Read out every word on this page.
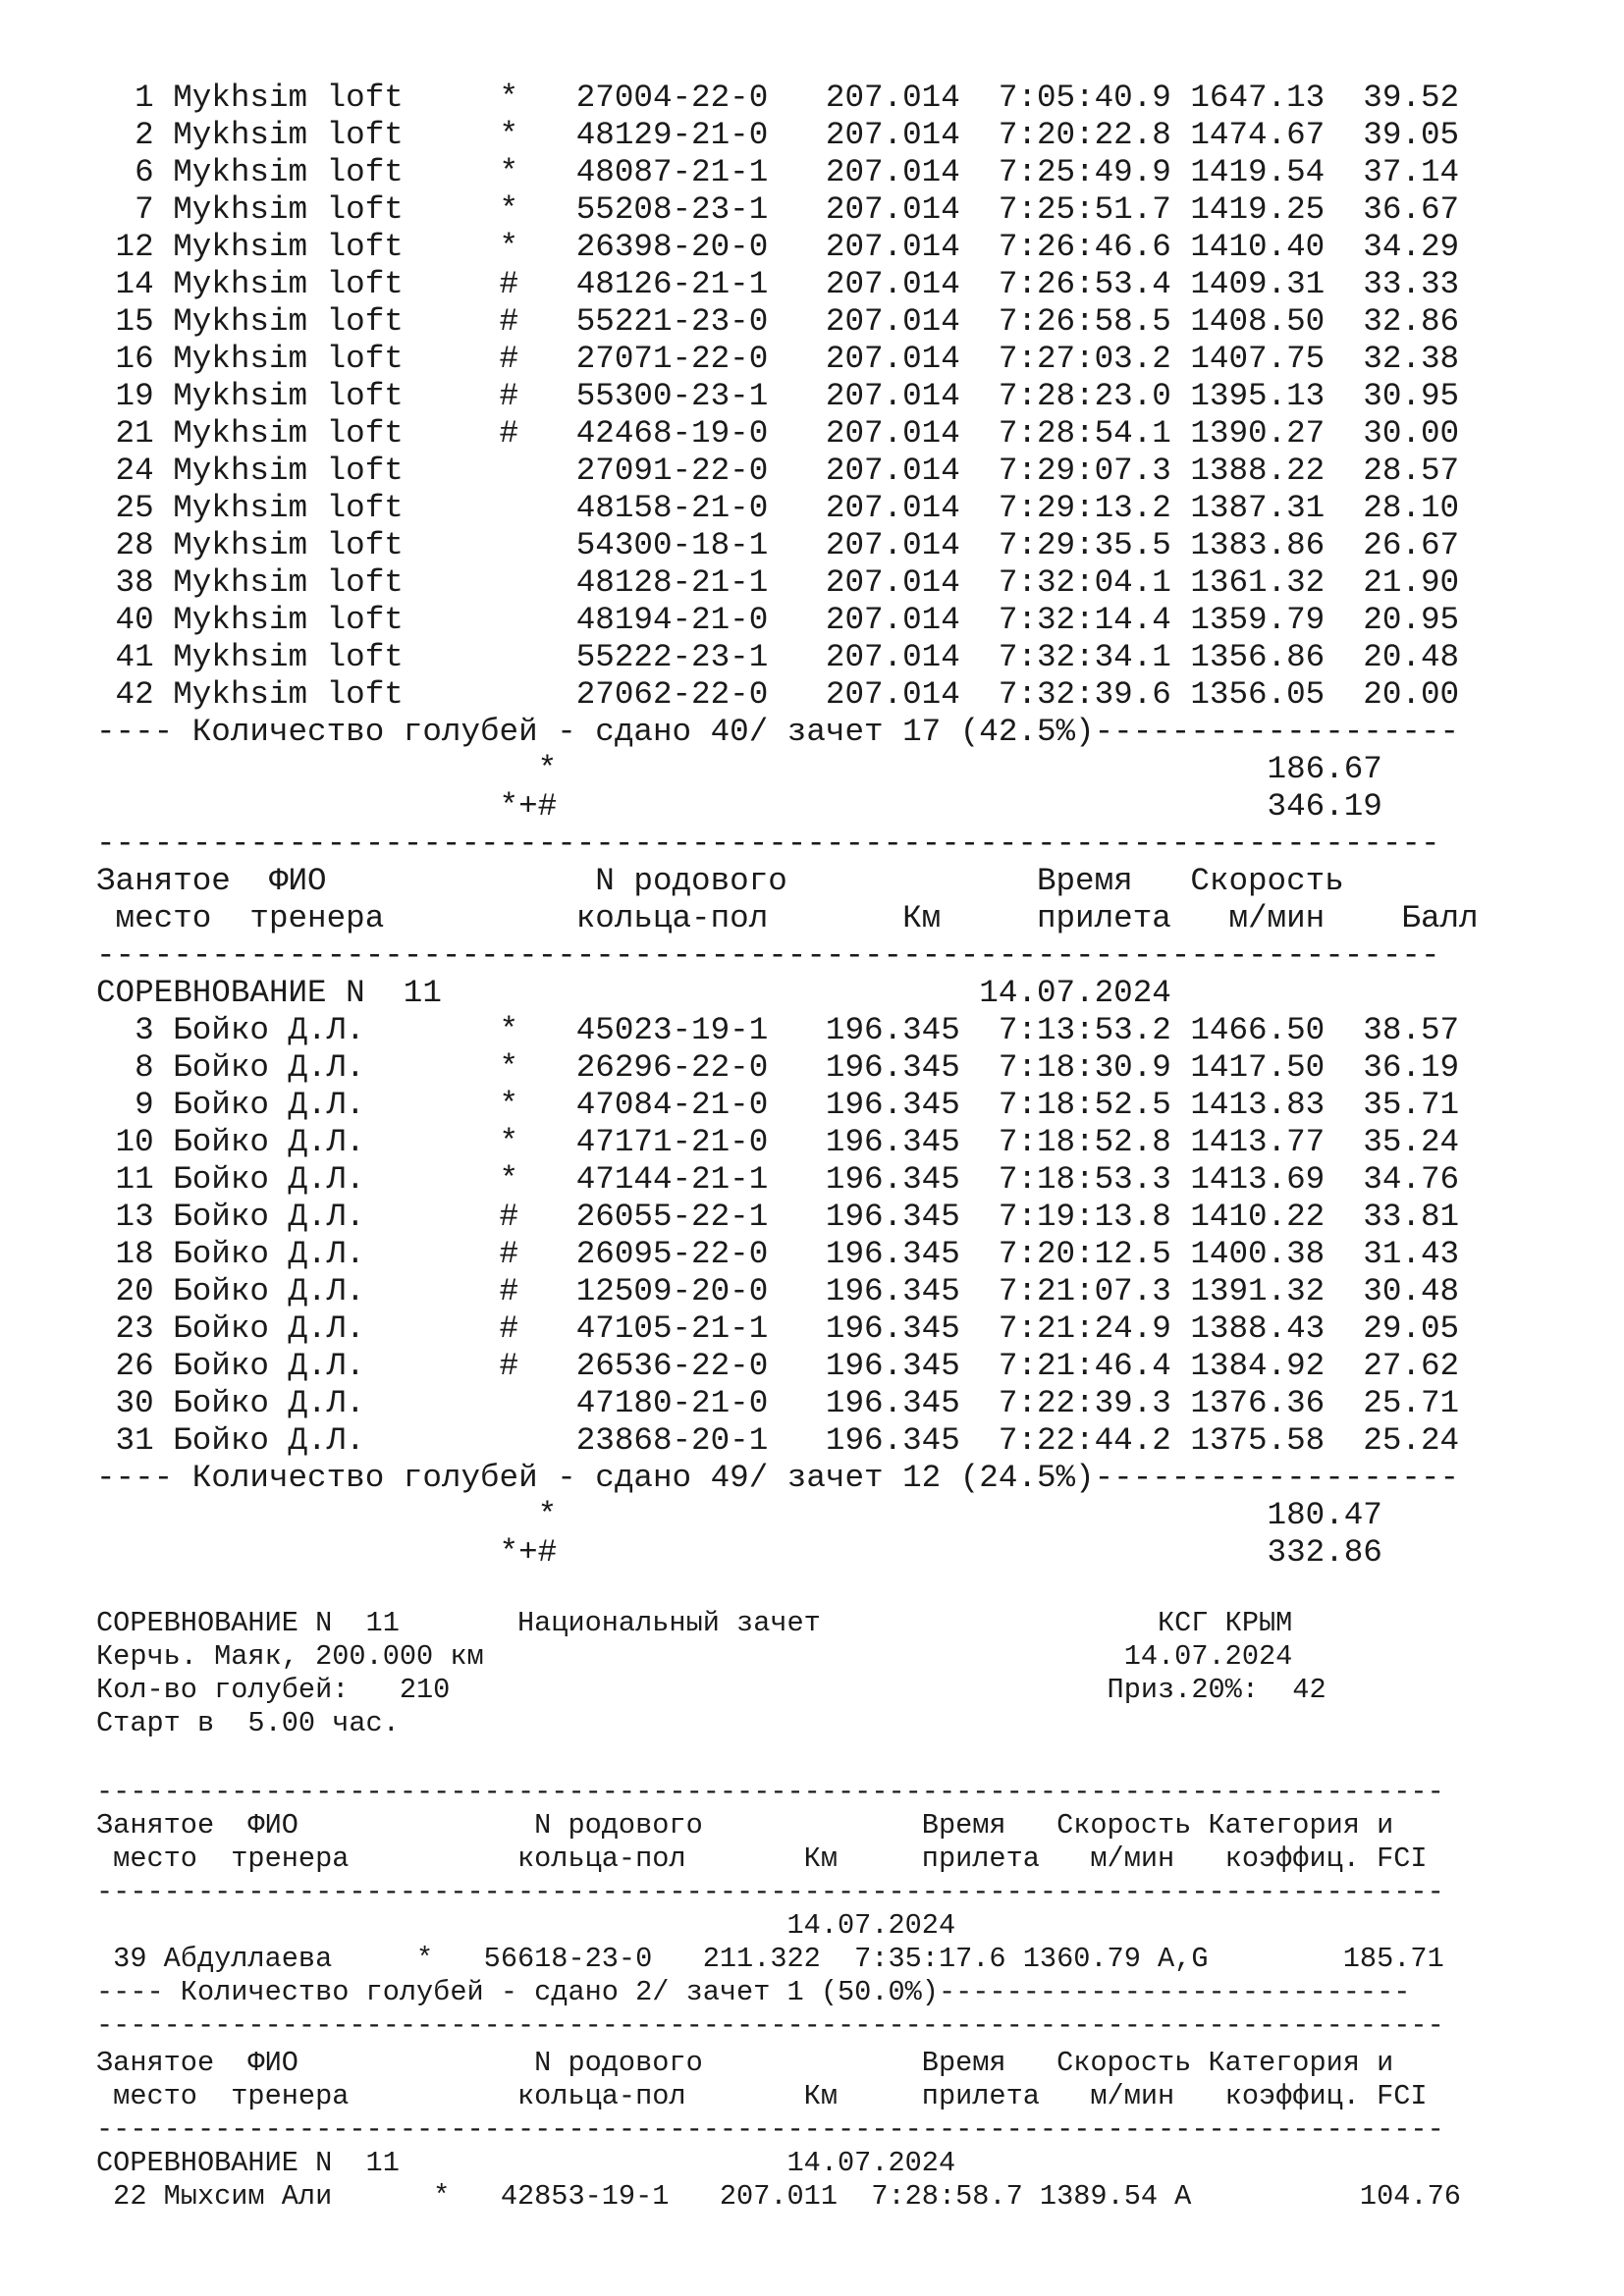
1 Mykhsim loft     *   27004-22-0   207.014  7:05:40.9 1647.13  39.52
2 Mykhsim loft     *   48129-21-0   207.014  7:20:22.8 1474.67  39.05
6 Mykhsim loft     *   48087-21-1   207.014  7:25:49.9 1419.54  37.14
7 Mykhsim loft     *   55208-23-1   207.014  7:25:51.7 1419.25  36.67
12 Mykhsim loft     *   26398-20-0   207.014  7:26:46.6 1410.40  34.29
14 Mykhsim loft     #   48126-21-1   207.014  7:26:53.4 1409.31  33.33
15 Mykhsim loft     #   55221-23-0   207.014  7:26:58.5 1408.50  32.86
16 Mykhsim loft     #   27071-22-0   207.014  7:27:03.2 1407.75  32.38
19 Mykhsim loft     #   55300-23-1   207.014  7:28:23.0 1395.13  30.95
21 Mykhsim loft     #   42468-19-0   207.014  7:28:54.1 1390.27  30.00
24 Mykhsim loft         27091-22-0   207.014  7:29:07.3 1388.22  28.57
25 Mykhsim loft         48158-21-0   207.014  7:29:13.2 1387.31  28.10
28 Mykhsim loft         54300-18-1   207.014  7:29:35.5 1383.86  26.67
38 Mykhsim loft         48128-21-1   207.014  7:32:04.1 1361.32  21.90
40 Mykhsim loft         48194-21-0   207.014  7:32:14.4 1359.79  20.95
41 Mykhsim loft         55222-23-1   207.014  7:32:34.1 1356.86  20.48
42 Mykhsim loft         27062-22-0   207.014  7:32:39.6 1356.05  20.00
---- Количество голубей - сдано 40/ зачет 17 (42.5%)-------------------
*                                     186.67
*+#                                     346.19
----------------------------------------------------------------------
Занятое  ФИО              N родового             Время   Скорость
место  тренера          кольца-пол       Км     прилета   м/мин    Балл
----------------------------------------------------------------------
СОРЕВНОВАНИЕ N  11                            14.07.2024
3 Бойко Д.Л.       *   45023-19-1   196.345  7:13:53.2 1466.50  38.57
8 Бойко Д.Л.       *   26296-22-0   196.345  7:18:30.9 1417.50  36.19
9 Бойко Д.Л.       *   47084-21-0   196.345  7:18:52.5 1413.83  35.71
10 Бойко Д.Л.       *   47171-21-0   196.345  7:18:52.8 1413.77  35.24
11 Бойко Д.Л.       *   47144-21-1   196.345  7:18:53.3 1413.69  34.76
13 Бойко Д.Л.       #   26055-22-1   196.345  7:19:13.8 1410.22  33.81
18 Бойко Д.Л.       #   26095-22-0   196.345  7:20:12.5 1400.38  31.43
20 Бойко Д.Л.       #   12509-20-0   196.345  7:21:07.3 1391.32  30.48
23 Бойко Д.Л.       #   47105-21-1   196.345  7:21:24.9 1388.43  29.05
26 Бойко Д.Л.       #   26536-22-0   196.345  7:21:46.4 1384.92  27.62
30 Бойко Д.Л.           47180-21-0   196.345  7:22:39.3 1376.36  25.71
31 Бойко Д.Л.           23868-20-1   196.345  7:22:44.2 1375.58  25.24
---- Количество голубей - сдано 49/ зачет 12 (24.5%)-------------------
*                                     180.47
*+#                                     332.86
СОРЕВНОВАНИЕ N  11       Национальный зачет                    КСГ КРЫМ
Керчь. Маяк, 200.000 км                                      14.07.2024
Кол-во голубей:   210                                       Приз.20%:  42
Старт в  5.00 час.
--------------------------------------------------------------------------------
Занятое  ФИО              N родового             Время   Скорость Категория и
место  тренера          кольца-пол       Км     прилета   м/мин   коэффиц. FCI
--------------------------------------------------------------------------------
14.07.2024
39 Абдуллаева     *   56618-23-0   211.322  7:35:17.6 1360.79 A,G        185.71
---- Количество голубей - сдано 2/ зачет 1 (50.0%)----------------------------
--------------------------------------------------------------------------------
Занятое  ФИО              N родового             Время   Скорость Категория и
место  тренера          кольца-пол       Км     прилета   м/мин   коэффиц. FCI
--------------------------------------------------------------------------------
СОРЕВНОВАНИЕ N  11                       14.07.2024
22 Мыхсим Али      *   42853-19-1   207.011  7:28:58.7 1389.54 A          104.76
